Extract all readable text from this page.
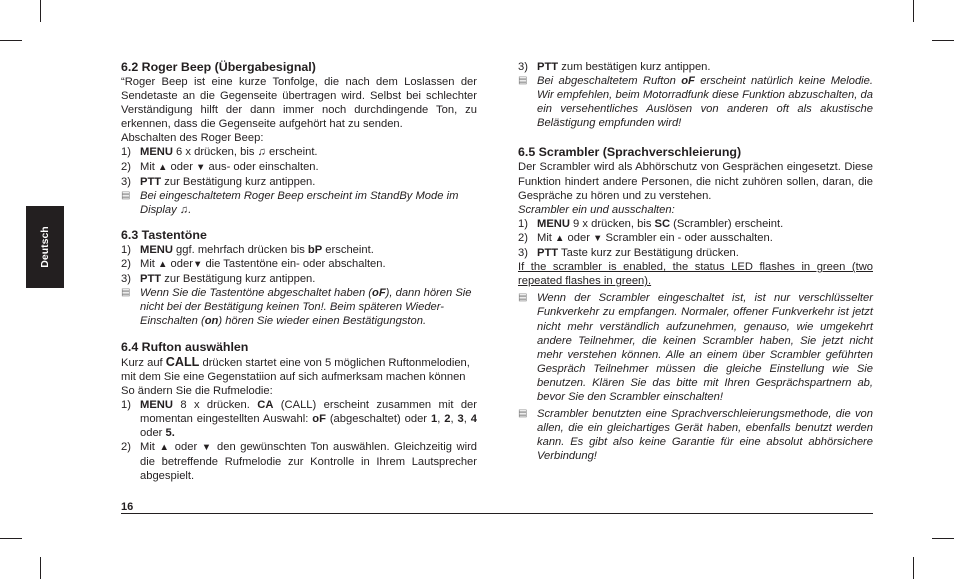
Deutsch
6.2 Roger Beep (Übergabesignal)

“Roger Beep ist eine kurze Tonfolge, die nach dem Loslassen der Sendetaste an die Gegenseite übertragen wird. Selbst bei schlechter Verständigung hilft der dann immer noch durchdingende Ton, zu erkennen, dass die Gegenseite aufgehört hat zu senden.

Abschalten des Roger Beep:

1) MENU 6 x drücken, bis ♫ erscheint.
2) Mit ▲ oder ▼ aus- oder einschalten.
3) PTT zur Bestätigung kurz antippen.
▤ Bei eingeschaltetem Roger Beep erscheint im StandBy Mode im Display ♫.
6.3 Tastentöne
1) MENU ggf. mehrfach drücken bis bP erscheint.
2) Mit ▲ oder▼ die Tastentöne ein- oder abschalten.
3) PTT zur Bestätigung kurz antippen.
▤ Wenn Sie die Tastentöne abgeschaltet haben (oF), dann hören Sie nicht bei der Bestätigung keinen Ton!. Beim späteren Wieder-Einschalten (on) hören Sie wieder einen Bestätigungston.
6.4 Rufton auswählen

Kurz auf CALL drücken startet eine von 5 möglichen Ruftonmelodien, mit dem Sie eine Gegenstatiion auf sich aufmerksam machen können So ändern Sie die Rufmelodie:

1) MENU 8 x drücken. CA (CALL) erscheint zusammen mit der momentan eingestellten Auswahl: oF (abgeschaltet) oder 1, 2, 3, 4 oder 5.
2) Mit ▲ oder ▼ den gewünschten Ton auswählen. Gleichzeitig wird die betreffende Rufmelodie zur Kontrolle in Ihrem Lautsprecher abgespielt.
3) PTT zum bestätigen kurz antippen.
▤ Bei abgeschaltetem Rufton oF erscheint natürlich keine Melodie. Wir empfehlen, beim Motorradfunk diese Funktion abzuschalten, da ein versehentliches Auslösen von anderen oft als akustische Belästigung empfunden wird!
6.5 Scrambler (Sprachverschleierung)

Der Scrambler wird als Abhörschutz von Gesprächen eingesetzt. Diese Funktion hindert andere Personen, die nicht zuhören sollen, daran, die Gespräche zu hören und zu verstehen.

Scrambler ein und ausschalten:

1) MENU 9 x drücken, bis SC (Scrambler) erscheint.
2) Mit ▲ oder ▼ Scrambler ein - oder ausschalten.
3) PTT Taste kurz zur Bestätigung drücken.

If the scrambler is enabled, the status LED flashes in green (two repeated flashes in green).

▤ Wenn der Scrambler eingeschaltet ist, ist nur verschlüsselter Funkverkehr zu empfangen. Normaler, offener Funkverkehr ist jetzt nicht mehr verständlich aufzunehmen, genauso, wie umgekehrt andere Teilnehmer, die keinen Scrambler haben, Sie jetzt nicht mehr verstehen können. Alle an einem über Scrambler geführten Gespräch Teilnehmer müssen die gleiche Einstellung wie Sie benutzen. Klären Sie das bitte mit Ihren Gesprächspartnern ab, bevor Sie den Scrambler einschalten!
▤ Scrambler benutzten eine Sprachverschleierungsmethode, die von allen, die ein gleichartiges Gerät haben, ebenfalls benutzt werden kann. Es gibt also keine Garantie für eine absolut abhörsichere Verbindung!
16
